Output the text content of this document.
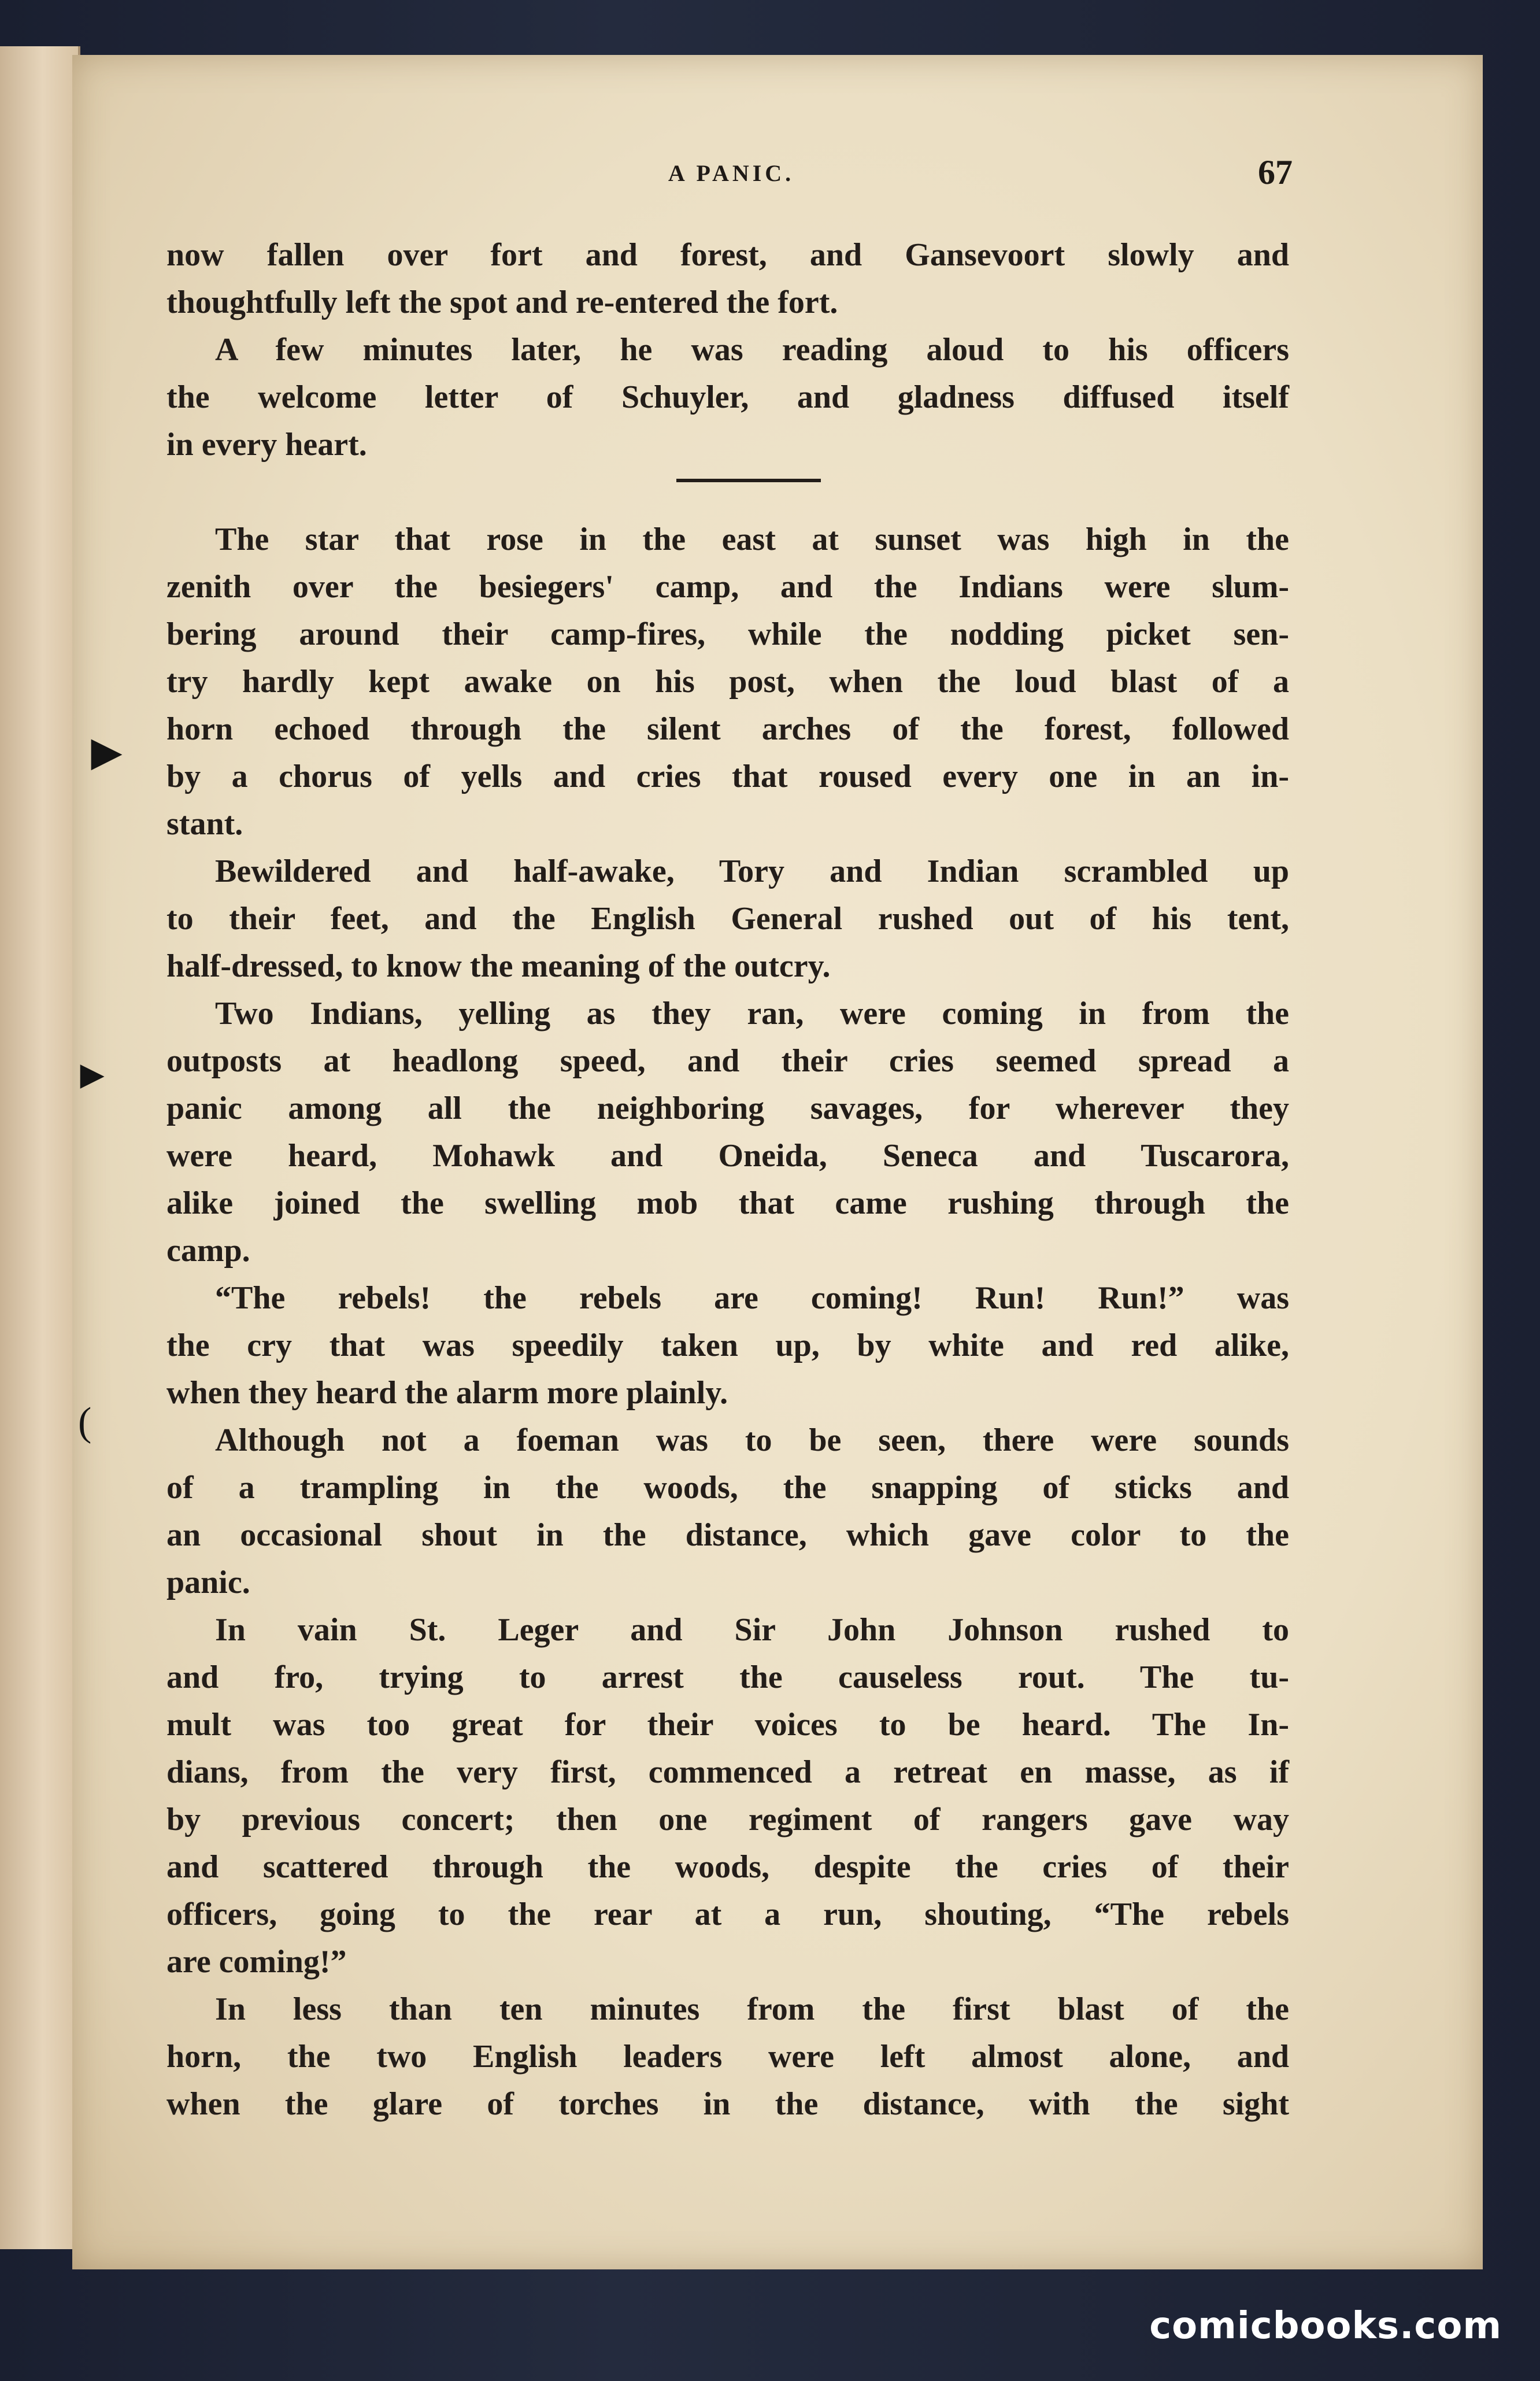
►
►
(
A PANIC.	67
now fallen over fort and forest, and Gansevoort slowly and
thoughtfully left the spot and re-entered the fort.
A few minutes later, he was reading aloud to his officers
the welcome letter of Schuyler, and gladness diffused itself
in every heart.
The star that rose in the east at sunset was high in the
zenith over the besiegers' camp, and the Indians were slum-
bering around their camp-fires, while the nodding picket sen-
try hardly kept awake on his post, when the loud blast of a
horn echoed through the silent arches of the forest, followed
by a chorus of yells and cries that roused every one in an in-
stant.
Bewildered and half-awake, Tory and Indian scrambled up
to their feet, and the English General rushed out of his tent,
half-dressed, to know the meaning of the outcry.
Two Indians, yelling as they ran, were coming in from the
outposts at headlong speed, and their cries seemed spread a
panic among all the neighboring savages, for wherever they
were heard, Mohawk and Oneida, Seneca and Tuscarora,
alike joined the swelling mob that came rushing through the
camp.
“The rebels! the rebels are coming! Run! Run!” was
the cry that was speedily taken up, by white and red alike,
when they heard the alarm more plainly.
Although not a foeman was to be seen, there were sounds
of a trampling in the woods, the snapping of sticks and
an occasional shout in the distance, which gave color to the
panic.
In vain St. Leger and Sir John Johnson rushed to
and fro, trying to arrest the causeless rout. The tu-
mult was too great for their voices to be heard. The In-
dians, from the very first, commenced a retreat en masse, as if
by previous concert; then one regiment of rangers gave way
and scattered through the woods, despite the cries of their
officers, going to the rear at a run, shouting, “The rebels
are coming!”
In less than ten minutes from the first blast of the
horn, the two English leaders were left almost alone, and
when the glare of torches in the distance, with the sight
comicbooks.com
